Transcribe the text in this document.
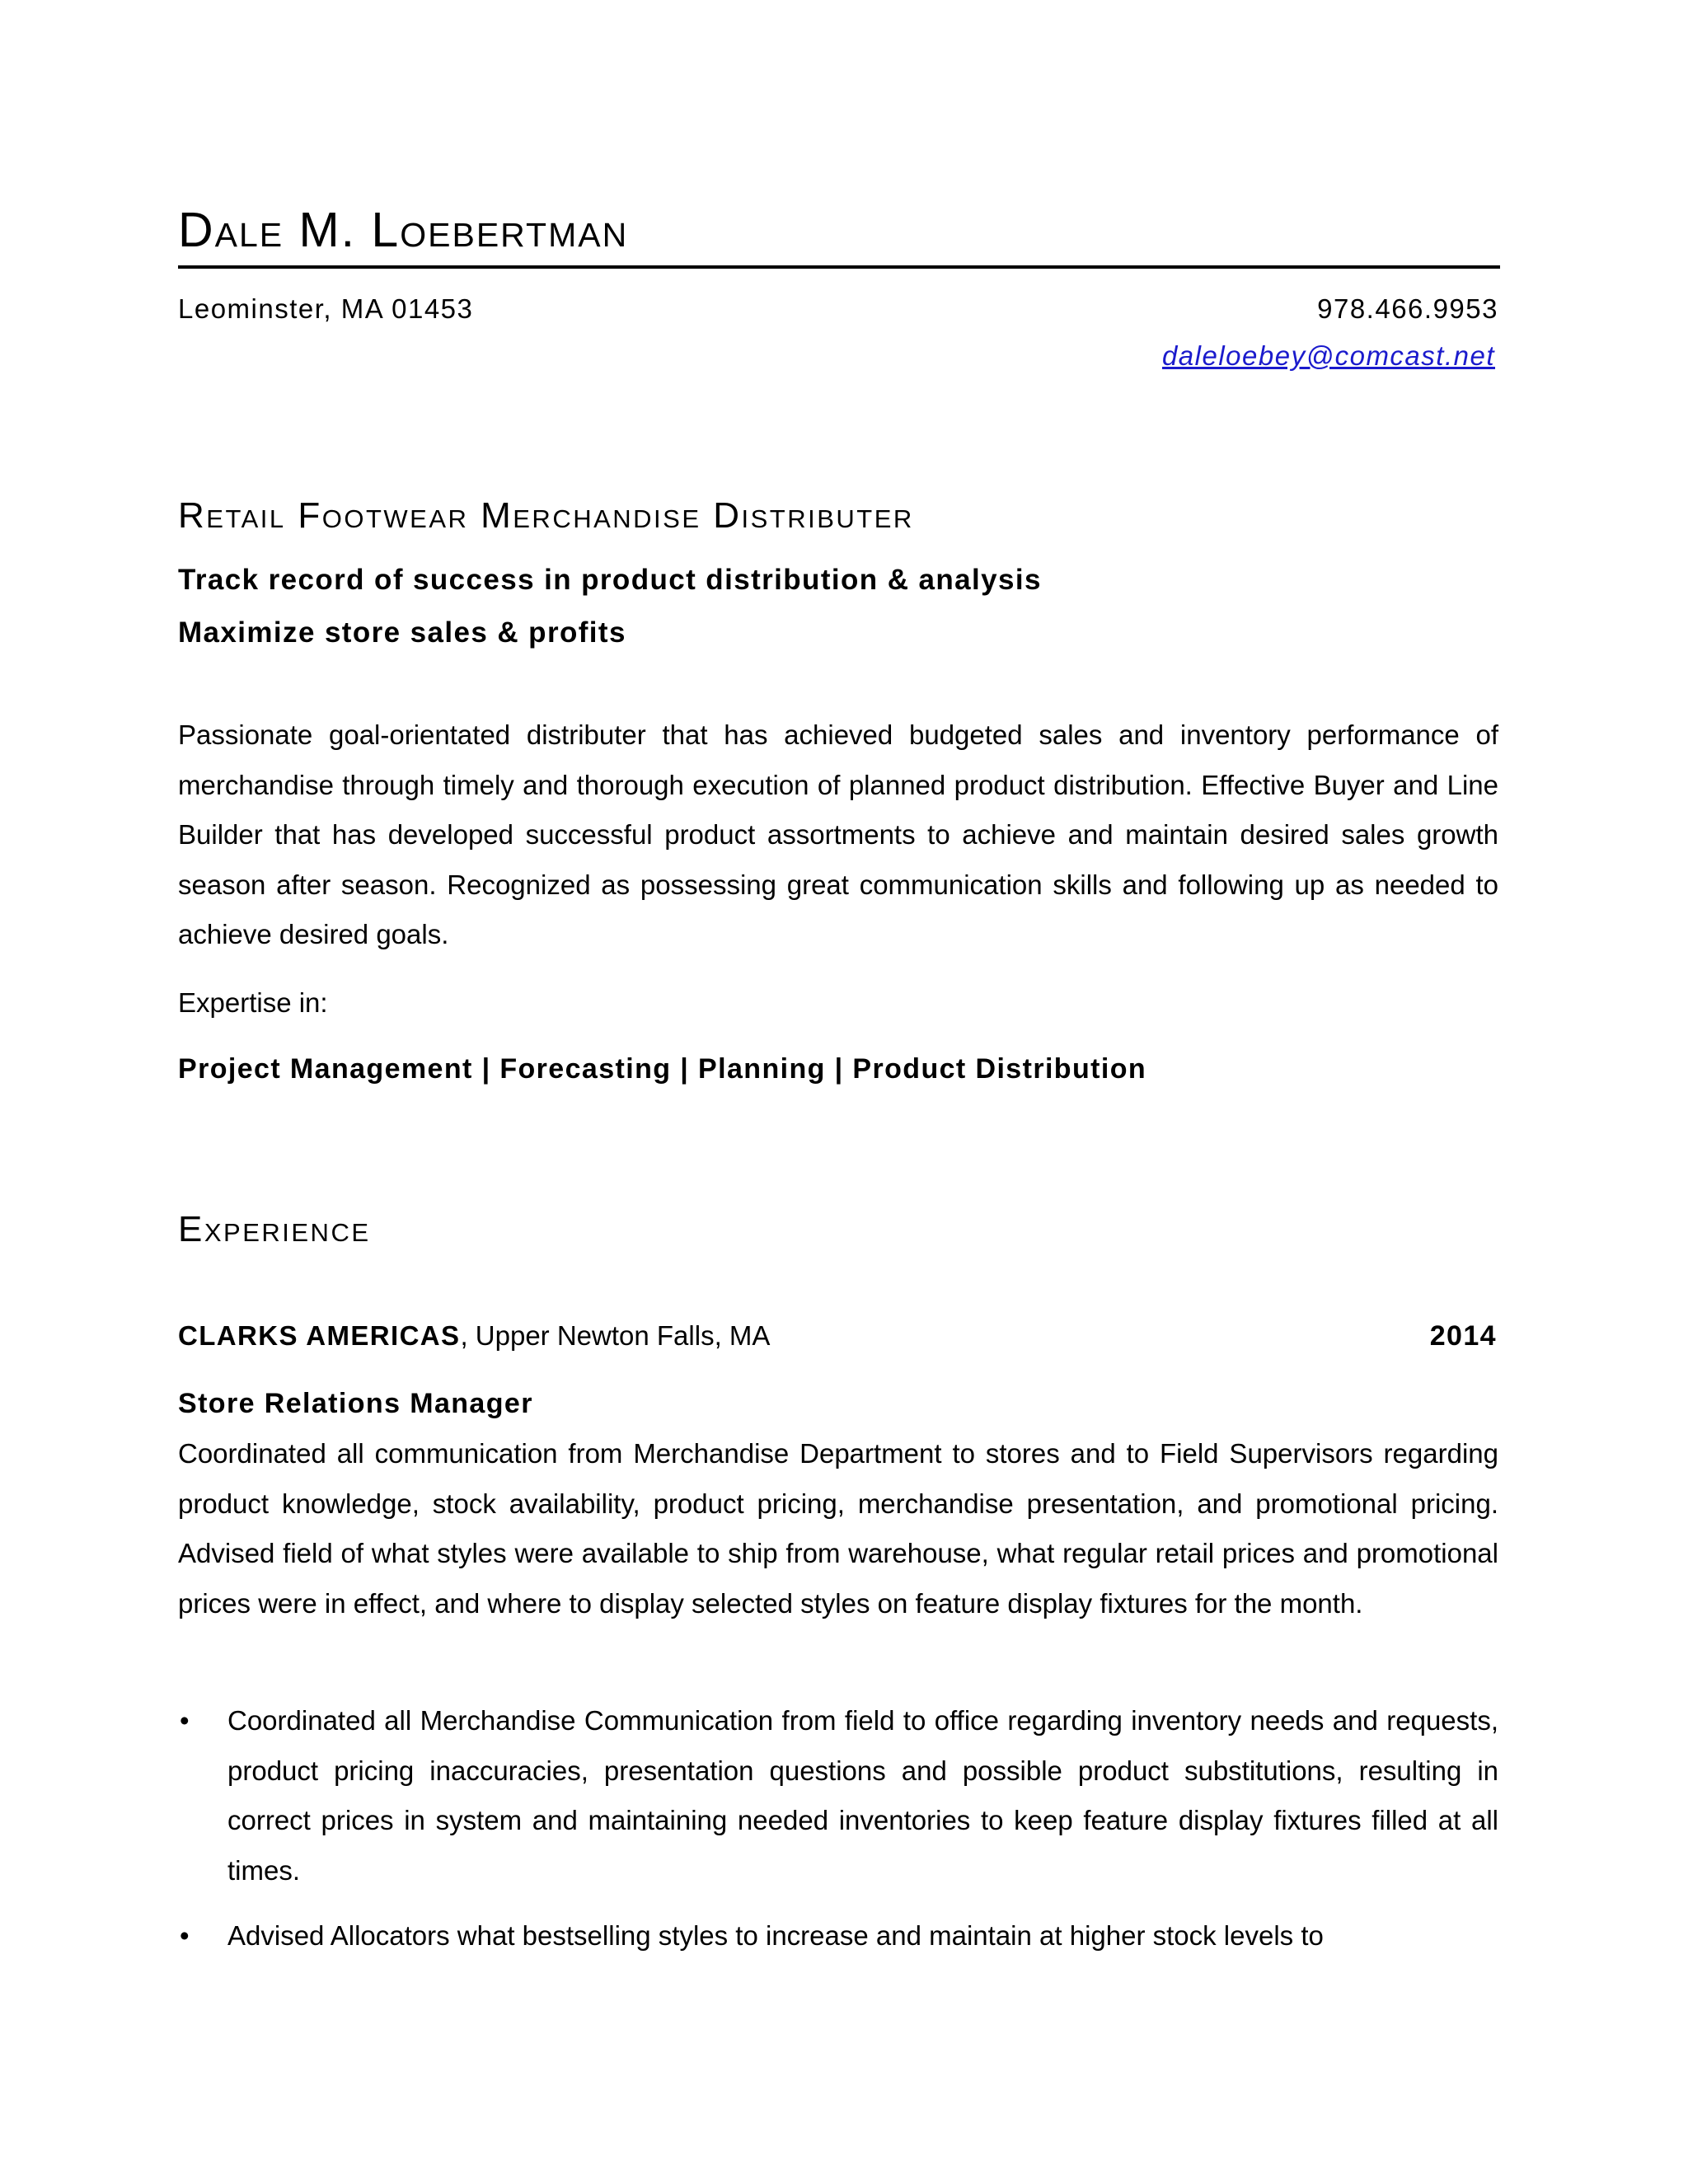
Dale M. Loebertman
Leominster, MA 01453	978.466.9953
daleloebey@comcast.net
Retail Footwear Merchandise Distributer
Track record of success in product distribution & analysis
Maximize store sales & profits

Passionate goal-orientated distributer that has achieved budgeted sales and inventory performance of merchandise through timely and thorough execution of planned product distribution. Effective Buyer and Line Builder that has developed successful product assortments to achieve and maintain desired sales growth season after season. Recognized as possessing great communication skills and following up as needed to achieve desired goals.

Expertise in:
Project Management | Forecasting | Planning | Product Distribution
Experience
CLARKS AMERICAS, Upper Newton Falls, MA	2014
Store Relations Manager

Coordinated all communication from Merchandise Department to stores and to Field Supervisors regarding product knowledge, stock availability, product pricing, merchandise presentation, and promotional pricing. Advised field of what styles were available to ship from warehouse, what regular retail prices and promotional prices were in effect, and where to display selected styles on feature display fixtures for the month.

•	Coordinated all Merchandise Communication from field to office regarding inventory needs and requests, product pricing inaccuracies, presentation questions and possible product substitutions, resulting in correct prices in system and maintaining needed inventories to keep feature display fixtures filled at all times.
•	Advised Allocators what bestselling styles to increase and maintain at higher stock levels to
